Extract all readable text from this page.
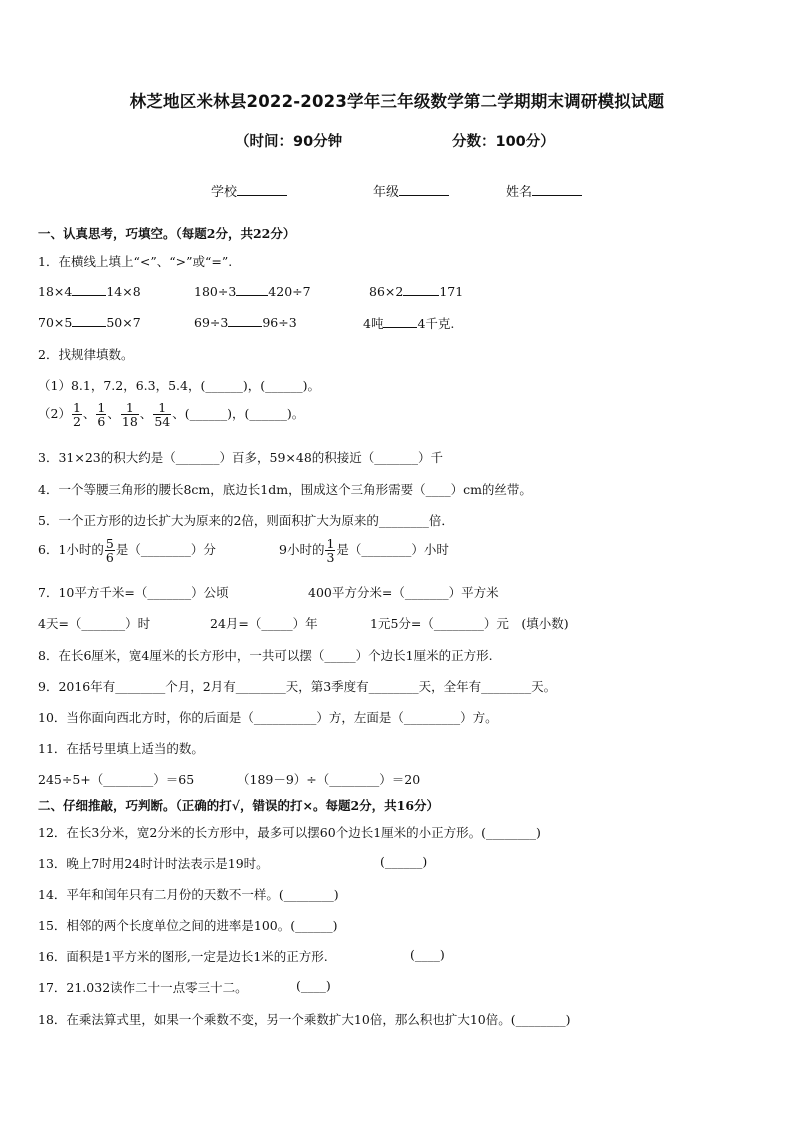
林芝地区米林县2022-2023学年三年级数学第二学期期末调研模拟试题
（时间：90分钟	分数：100分）
学校	年级	姓名
一、认真思考，巧填空。（每题2分，共22分）
1．在横线上填上“<”、“>”或“=”.
18×4	14×8	180÷3	420÷7	86×2	171
70×5	50×7	69÷3	96÷3	4吨	4千克.
2．找规律填数。
（1）8.1，7.2，6.3，5.4，(______)，(______)。
$(2) \frac{1}{2}$ 、 $\frac{1}{6}$ 、 $\frac{1}{18}$ 、 $\frac{1}{54}$ 、(______)，(______)。
3．31×23的积大约是（_______）百多，59×48的积接近（_______）千
4．一个等腰三角形的腰长8cm，底边长1dm，围成这个三角形需要（____）cm的丝带。
5．一个正方形的边长扩大为原来的2倍，则面积扩大为原来的________倍．
6．1小时的 $\frac{5}{6}$ 是（________）分	9小时的 $\frac{1}{3}$ 是（________）小时
7．10平方千米=（_______）公顷	400平方分米=（_______）平方米
4天=（_______）时	24月=（_____）年	1元5分=（________）元　(填小数)
8．在长6厘米，宽4厘米的长方形中，一共可以摆（_____）个边长1厘米的正方形.
9．2016年有________个月，2月有________天，第3季度有________天，全年有________天。
10．当你面向西北方时，你的后面是（__________）方，左面是（_________）方。
11．在括号里填上适当的数。
245÷5+（________）＝65	（189－9）÷（________）＝20
二、仔细推敲，巧判断。（正确的打√，错误的打×。每题2分，共16分）
12．在长3分米，宽2分米的长方形中，最多可以摆60个边长1厘米的小正方形。(________)
13．晚上7时用24时计时法表示是19时。	(______)
14．平年和闰年只有二月份的天数不一样。(________)
15．相邻的两个长度单位之间的进率是100。(______)
16．面积是1平方米的图形,一定是边长1米的正方形.	(____)
17．21.032读作二十一点零三十二。	(____)
18．在乘法算式里，如果一个乘数不变，另一个乘数扩大10倍，那么积也扩大10倍。(________)
